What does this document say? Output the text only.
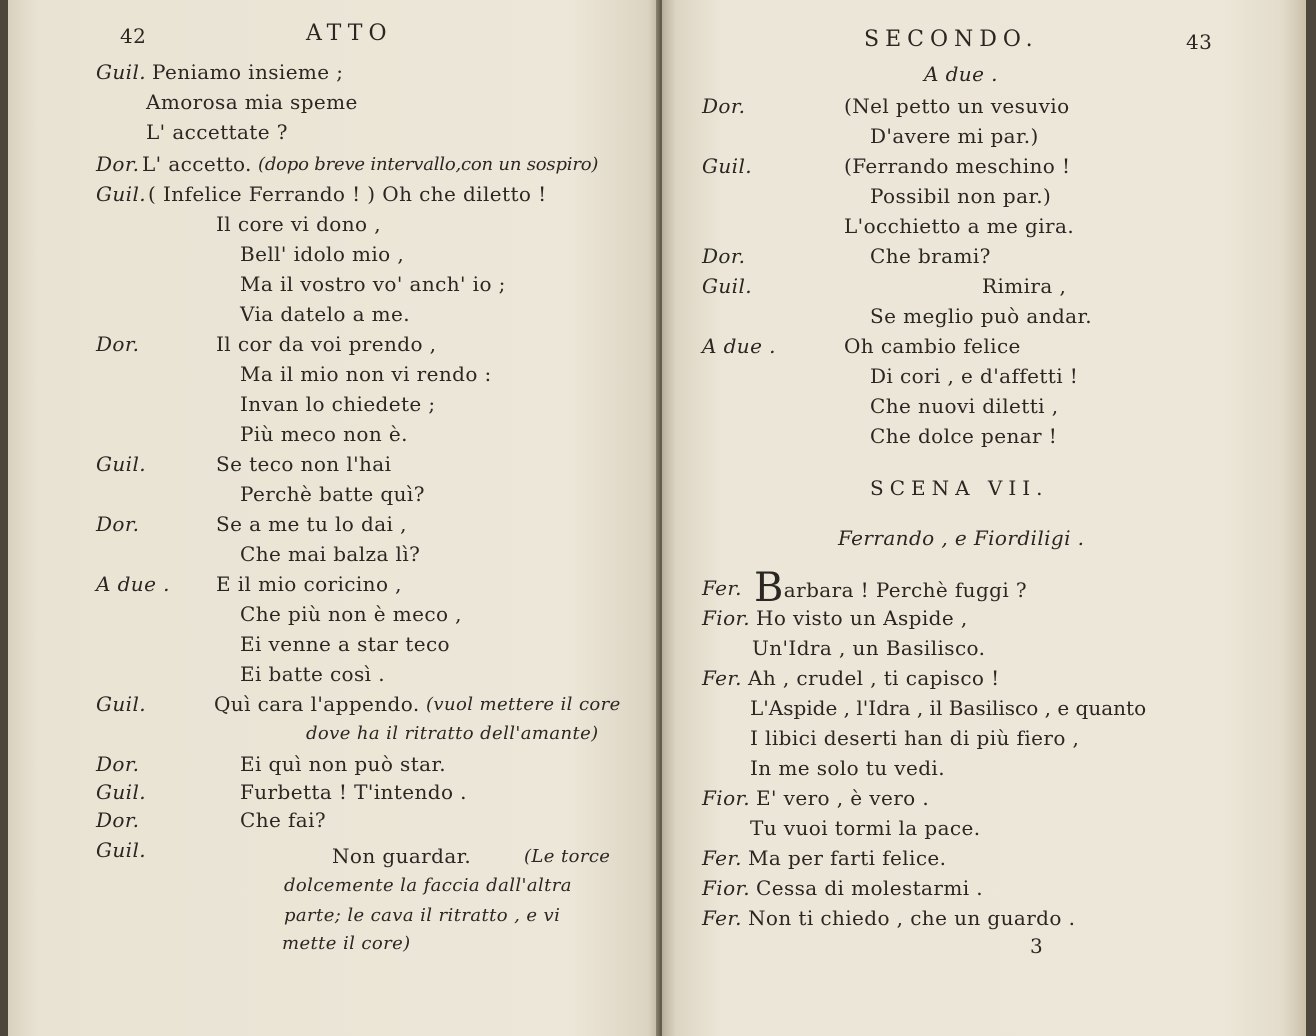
42	ATTO
Guil. Peniamo insieme ;
Amorosa mia speme
L' accettate ?
Dor. L' accetto. (dopo breve intervallo,con un sospiro)
Guil. ( Infelice Ferrando ! ) Oh che diletto !
Il core vi dono ,
Bell' idolo mio ,
Ma il vostro vo' anch' io ;
Via datelo a me.
Dor.	Il cor da voi prendo ,
Ma il mio non vi rendo :
Invan lo chiedete ;
Più meco non è.
Guil.	Se teco non l'hai
Perchè batte quì?
Dor.	Se a me tu lo dai ,
Che mai balza lì?
A due . E il mio coricino ,
Che più non è meco ,
Ei venne a star teco
Ei batte così .
Guil.	Quì cara l'appendo. (vuol mettere il core
dove ha il ritratto dell'amante)
Dor.	Ei quì non può star.
Guil.	Furbetta ! T'intendo .
Dor.	Che fai?
Guil.	Non guardar.	(Le torce
dolcemente la faccia dall'altra
parte; le cava il ritratto , e vi
mette il core)
SECONDO.	43
A due .
Dor.	(Nel petto un vesuvio
D'avere mi par.)
Guil.	(Ferrando meschino !
Possibil non par.)
L'occhietto a me gira.
Dor.	Che brami?
Guil.	Rimira ,
Se meglio può andar.
A due .	Oh cambio felice
Di cori , e d'affetti !
Che nuovi diletti ,
Che dolce penar !
SCENA VII.
Ferrando , e Fiordiligi .
Fer. Barbara ! Perchè fuggi ?
Fior. Ho visto un Aspide ,
Un'Idra , un Basilisco.
Fer. Ah , crudel , ti capisco !
L'Aspide , l'Idra , il Basilisco , e quanto
I libici deserti han di più fiero ,
In me solo tu vedi.
Fior. E' vero , è vero .
Tu vuoi tormi la pace.
Fer. Ma per farti felice.
Fior. Cessa di molestarmi .
Fer. Non ti chiedo , che un guardo .
3
